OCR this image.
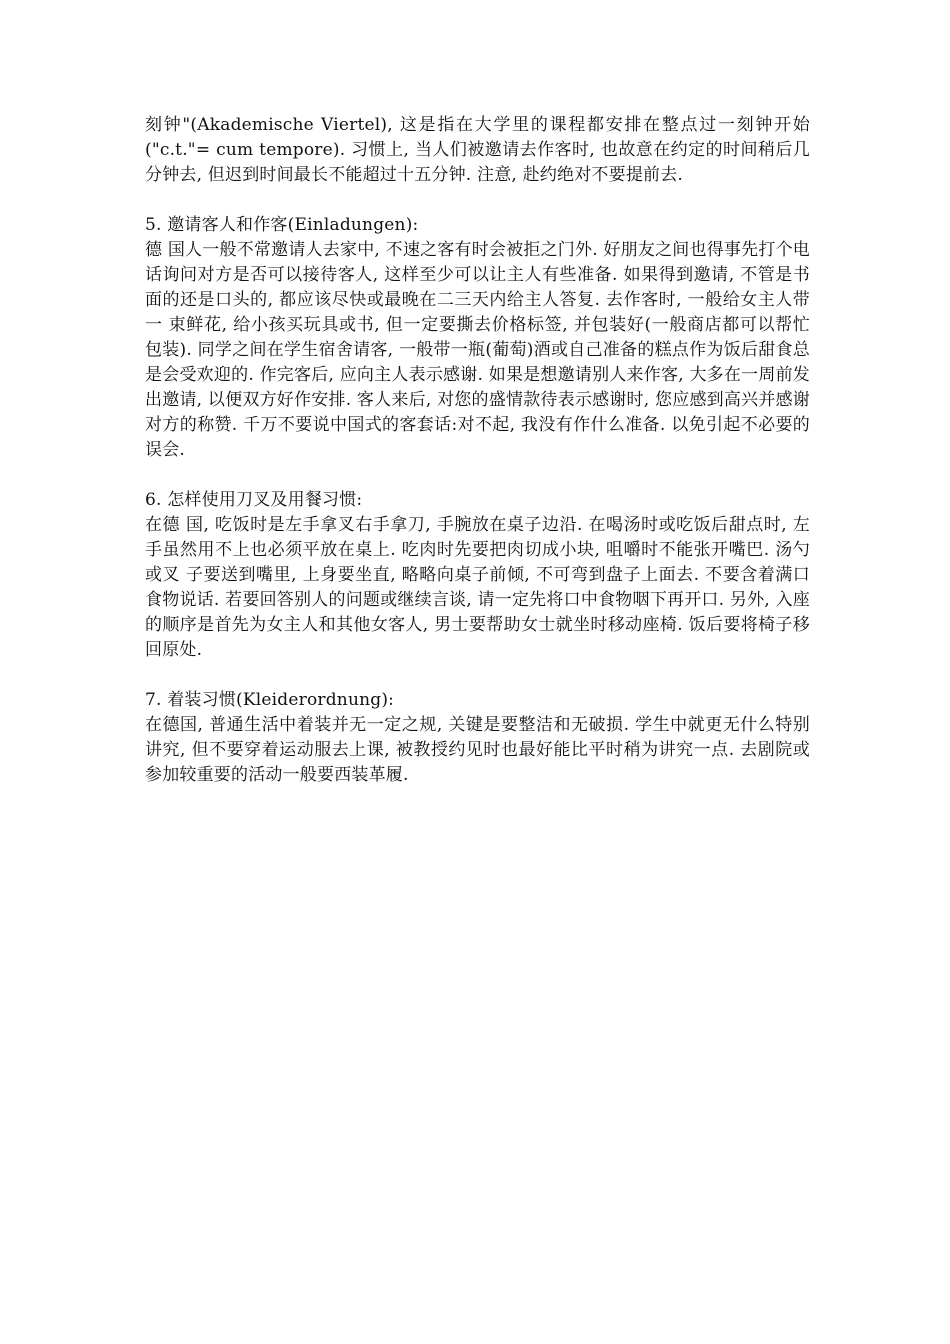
刻钟"(Akademische Viertel), 这是指在大学里的课程都安排在整点过一刻钟开始("c.t."= cum tempore). 习惯上, 当人们被邀请去作客时, 也故意在约定的时间稍后几分钟去, 但迟到时间最长不能超过十五分钟. 注意, 赴约绝对不要提前去.
5. 邀请客人和作客(Einladungen):
德 国人一般不常邀请人去家中, 不速之客有时会被拒之门外. 好朋友之间也得事先打个电话询问对方是否可以接待客人, 这样至少可以让主人有些准备. 如果得到邀请, 不管是书面的还是口头的, 都应该尽快或最晚在二三天内给主人答复. 去作客时, 一般给女主人带一 束鲜花, 给小孩买玩具或书, 但一定要撕去价格标签, 并包装好(一般商店都可以帮忙包装). 同学之间在学生宿舍请客, 一般带一瓶(葡萄)酒或自己准备的糕点作为饭后甜食总是会受欢迎的. 作完客后, 应向主人表示感谢. 如果是想邀请别人来作客, 大多在一周前发出邀请, 以便双方好作安排. 客人来后, 对您的盛情款待表示感谢时, 您应感到高兴并感谢对方的称赞. 千万不要说中国式的客套话:对不起, 我没有作什么准备. 以免引起不必要的误会.
6. 怎样使用刀叉及用餐习惯:
在德 国, 吃饭时是左手拿叉右手拿刀, 手腕放在桌子边沿. 在喝汤时或吃饭后甜点时, 左手虽然用不上也必须平放在桌上. 吃肉时先要把肉切成小块, 咀嚼时不能张开嘴巴. 汤勺或叉 子要送到嘴里, 上身要坐直, 略略向桌子前倾, 不可弯到盘子上面去. 不要含着满口食物说话. 若要回答别人的问题或继续言谈, 请一定先将口中食物咽下再开口. 另外, 入座的顺序是首先为女主人和其他女客人, 男士要帮助女士就坐时移动座椅. 饭后要将椅子移回原处.
7. 着装习惯(Kleiderordnung):
在德国, 普通生活中着装并无一定之规, 关键是要整洁和无破损. 学生中就更无什么特别讲究, 但不要穿着运动服去上课, 被教授约见时也最好能比平时稍为讲究一点. 去剧院或参加较重要的活动一般要西装革履.
